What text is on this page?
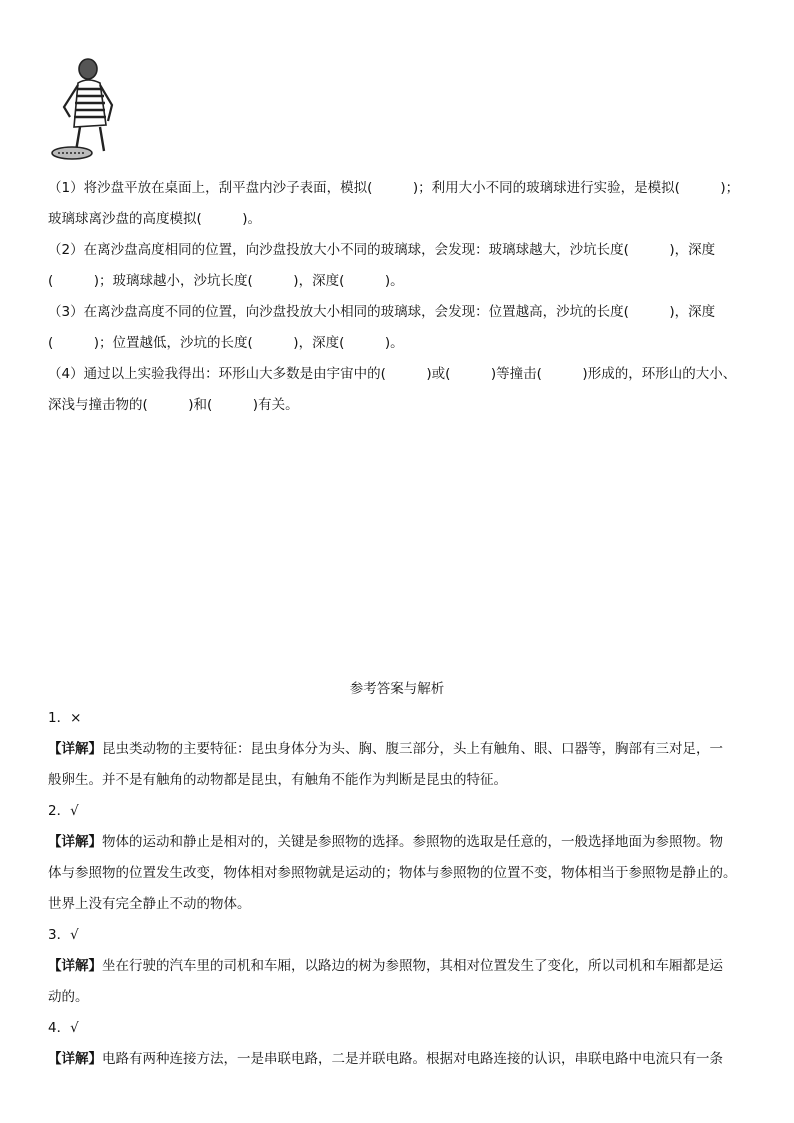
（1）将沙盘平放在桌面上，刮平盘内沙子表面，模拟(　　　)；利用大小不同的玻璃球进行实验，是模拟(　　　)；

玻璃球离沙盘的高度模拟(　　　)。

（2）在离沙盘高度相同的位置，向沙盘投放大小不同的玻璃球，会发现：玻璃球越大，沙坑长度(　　　)，深度

(　　　)；玻璃球越小，沙坑长度(　　　)，深度(　　　)。

（3）在离沙盘高度不同的位置，向沙盘投放大小相同的玻璃球，会发现：位置越高，沙坑的长度(　　　)，深度

(　　　)；位置越低，沙坑的长度(　　　)，深度(　　　)。

（4）通过以上实验我得出：环形山大多数是由宇宙中的(　　　)或(　　　)等撞击(　　　)形成的，环形山的大小、

深浅与撞击物的(　　　)和(　　　)有关。

参考答案与解析

1．×

【详解】昆虫类动物的主要特征：昆虫身体分为头、胸、腹三部分，头上有触角、眼、口器等，胸部有三对足，一

般卵生。并不是有触角的动物都是昆虫，有触角不能作为判断是昆虫的特征。

2．√

【详解】物体的运动和静止是相对的，关键是参照物的选择。参照物的选取是任意的，一般选择地面为参照物。物

体与参照物的位置发生改变，物体相对参照物就是运动的；物体与参照物的位置不变，物体相当于参照物是静止的。

世界上没有完全静止不动的物体。

3．√

【详解】坐在行驶的汽车里的司机和车厢，以路边的树为参照物，其相对位置发生了变化，所以司机和车厢都是运

动的。

4．√

【详解】电路有两种连接方法，一是串联电路，二是并联电路。根据对电路连接的认识，串联电路中电流只有一条
